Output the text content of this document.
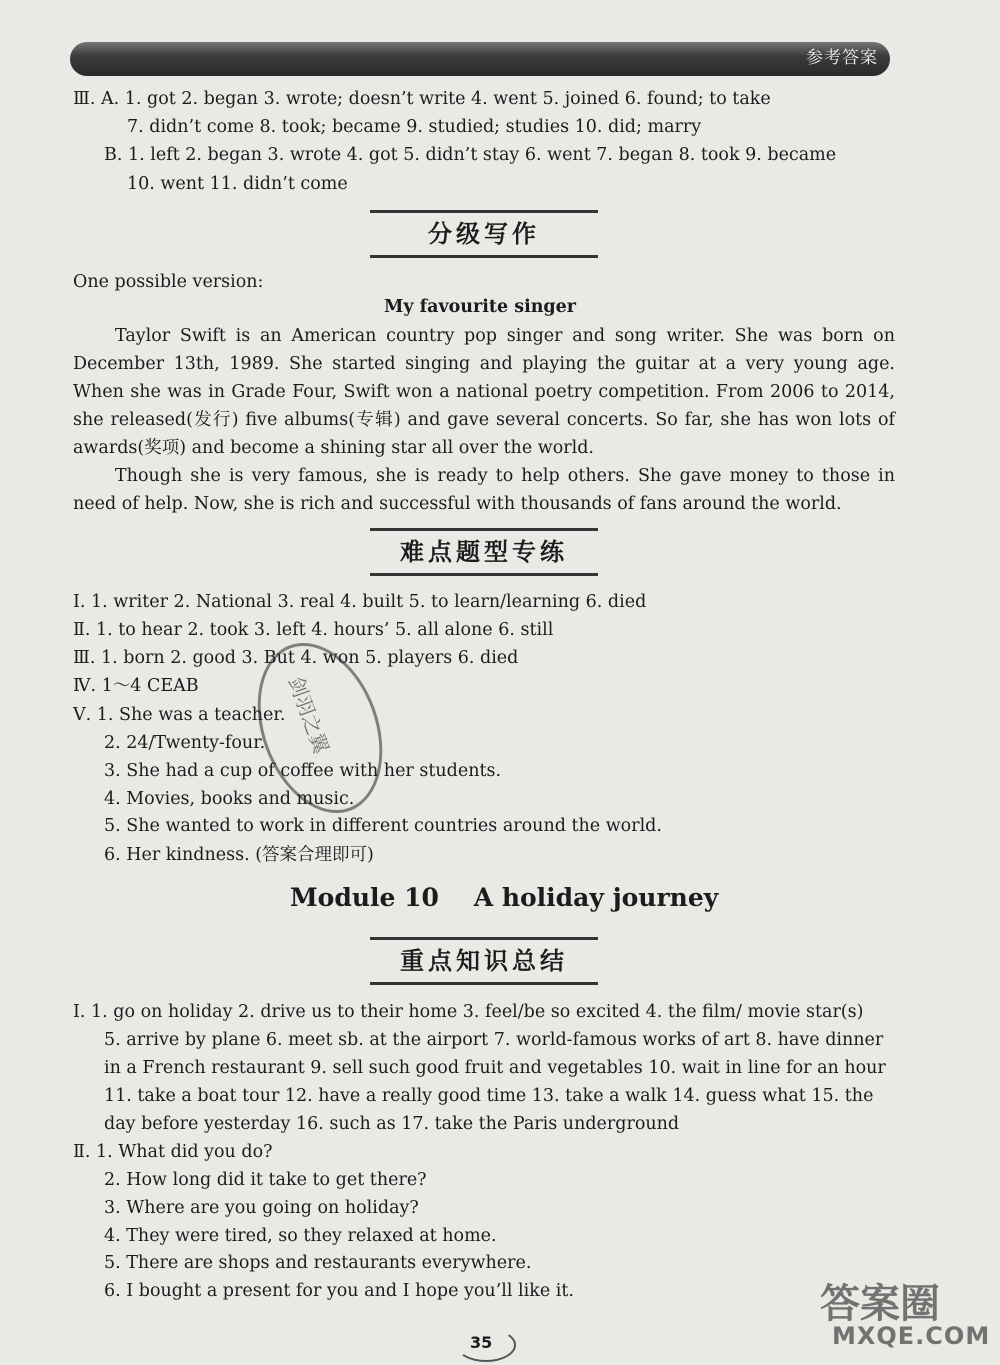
参考答案
Ⅲ. A. 1. got 2. began 3. wrote; doesn’t write 4. went 5. joined 6. found; to take
7. didn’t come 8. took; became 9. studied; studies 10. did; marry
B. 1. left 2. began 3. wrote 4. got 5. didn’t stay 6. went 7. began 8. took 9. became
10. went 11. didn’t come
分级写作
One possible version:
My favourite singer
Taylor Swift is an American country pop singer and song writer. She was born on December 13th, 1989. She started singing and playing the guitar at a very young age. When she was in Grade Four, Swift won a national poetry competition. From 2006 to 2014, she released(发行) five albums(专辑) and gave several concerts. So far, she has won lots of awards(奖项) and become a shining star all over the world.
Though she is very famous, she is ready to help others. She gave money to those in need of help. Now, she is rich and successful with thousands of fans around the world.
难点题型专练
Ⅰ. 1. writer 2. National 3. real 4. built 5. to learn/learning 6. died
Ⅱ. 1. to hear 2. took 3. left 4. hours’ 5. all alone 6. still
Ⅲ. 1. born 2. good 3. But 4. won 5. players 6. died
Ⅳ. 1～4 CEAB
Ⅴ. 1. She was a teacher.
2. 24/Twenty-four.
3. She had a cup of coffee with her students.
4. Movies, books and music.
5. She wanted to work in different countries around the world.
6. Her kindness. (答案合理即可)
剑羽之翼
Module 10    A holiday journey
重点知识总结
Ⅰ. 1. go on holiday 2. drive us to their home 3. feel/be so excited 4. the film/ movie star(s)
5. arrive by plane 6. meet sb. at the airport 7. world-famous works of art 8. have dinner
in a French restaurant 9. sell such good fruit and vegetables 10. wait in line for an hour
11. take a boat tour 12. have a really good time 13. take a walk 14. guess what 15. the
day before yesterday 16. such as 17. take the Paris underground
Ⅱ. 1. What did you do?
2. How long did it take to get there?
3. Where are you going on holiday?
4. They were tired, so they relaxed at home.
5. There are shops and restaurants everywhere.
6. I bought a present for you and I hope you’ll like it.
35
答案圈
MXQE.COM
